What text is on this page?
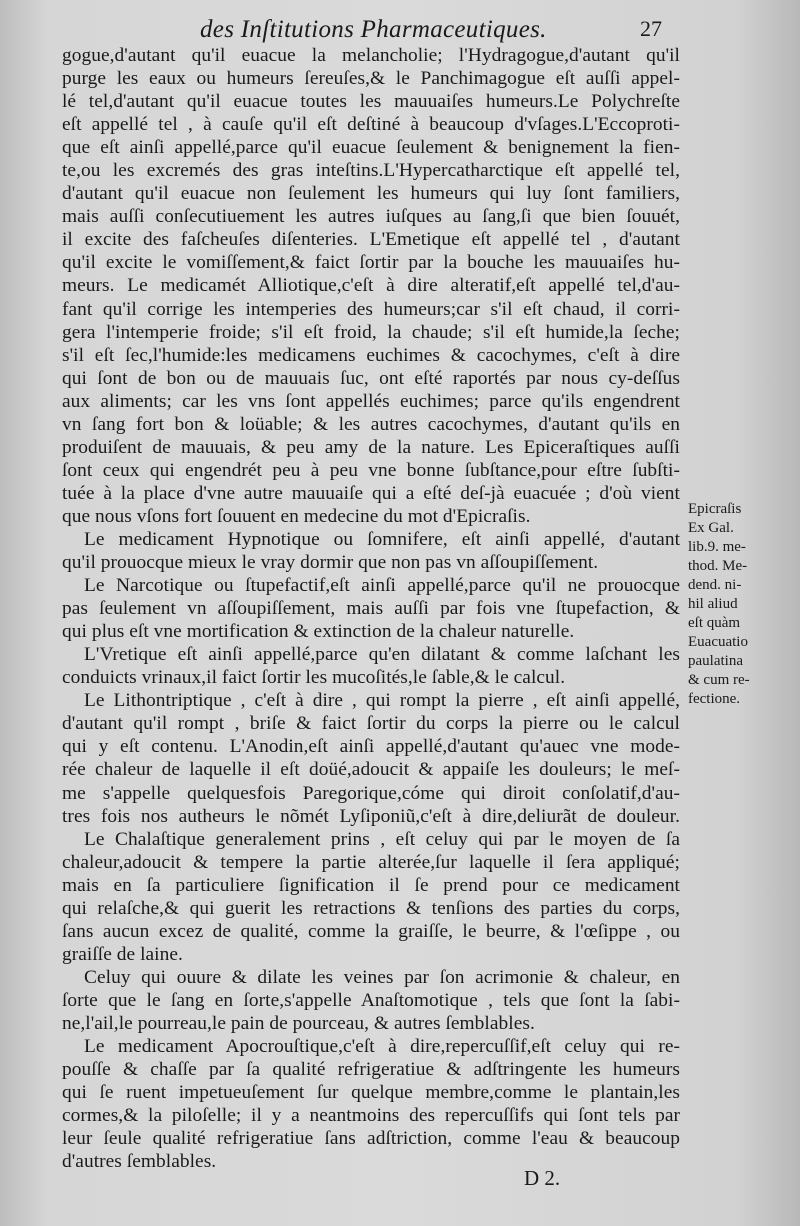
des Inſtitutions Pharmaceutiques.	27
gogue,d'autant qu'il euacue la melancholie; l'Hydragogue,d'autant qu'il
purge les eaux ou humeurs ſereuſes,& le Panchimagogue eſt auſſi appel-
lé tel,d'autant qu'il euacue toutes les mauuaiſes humeurs.Le Polychreſte
eſt appellé tel , à cauſe qu'il eſt deſtiné à beaucoup d'vſages.L'Eccoproti-
que eſt ainſi appellé,parce qu'il euacue ſeulement & benignement la fien-
te,ou les excremés des gras inteſtins.L'Hypercatharctique eſt appellé tel,
d'autant qu'il euacue non ſeulement les humeurs qui luy ſont familiers,
mais auſſi conſecutiuement les autres iuſques au ſang,ſi que bien ſouuét,
il excite des faſcheuſes diſenteries. L'Emetique eſt appellé tel , d'autant
qu'il excite le vomiſſement,& faict ſortir par la bouche les mauuaiſes hu-
meurs. Le medicamét Alliotique,c'eſt à dire alteratif,eſt appellé tel,d'au-
fant qu'il corrige les intemperies des humeurs;car s'il eſt chaud, il corri-
gera l'intemperie froide; s'il eſt froid, la chaude; s'il eſt humide,la ſeche;
s'il eſt ſec,l'humide:les medicamens euchimes & cacochymes, c'eſt à dire
qui ſont de bon ou de mauuais ſuc, ont eſté raportés par nous cy-deſſus
aux aliments; car les vns ſont appellés euchimes; parce qu'ils engendrent
vn ſang fort bon & loüable; & les autres cacochymes, d'autant qu'ils en
produiſent de mauuais, & peu amy de la nature. Les Epiceraſtiques auſſi
ſont ceux qui engendrét peu à peu vne bonne ſubſtance,pour eſtre ſubſti-
tuée à la place d'vne autre mauuaiſe qui a eſté deſ-jà euacuée ; d'où vient
que nous vſons fort ſouuent en medecine du mot d'Epicraſis.
Le medicament Hypnotique ou ſomnifere, eſt ainſi appellé, d'autant
qu'il prouocque mieux le vray dormir que non pas vn aſſoupiſſement.
Le Narcotique ou ſtupefactif,eſt ainſi appellé,parce qu'il ne prouocque
pas ſeulement vn aſſoupiſſement, mais auſſi par fois vne ſtupefaction, &
qui plus eſt vne mortification & extinction de la chaleur naturelle.
L'Vretique eſt ainſi appellé,parce qu'en dilatant & comme laſchant les
conduicts vrinaux,il faict ſortir les mucoſités,le ſable,& le calcul.
Le Lithontriptique , c'eſt à dire , qui rompt la pierre , eſt ainſi appellé,
d'autant qu'il rompt , briſe & faict ſortir du corps la pierre ou le calcul
qui y eſt contenu. L'Anodin,eſt ainſi appellé,d'autant qu'auec vne mode-
rée chaleur de laquelle il eſt doüé,adoucit & appaiſe les douleurs; le meſ-
me s'appelle quelquesfois Paregorique,cóme qui diroit conſolatif,d'au-
tres fois nos autheurs le nõmét Lyſiponiũ,c'eſt à dire,deliurãt de douleur.
Le Chalaſtique generalement prins , eſt celuy qui par le moyen de ſa
chaleur,adoucit & tempere la partie alterée,ſur laquelle il ſera appliqué;
mais en ſa particuliere ſignification il ſe prend pour ce medicament
qui relaſche,& qui guerit les retractions & tenſions des parties du corps,
ſans aucun excez de qualité, comme la graiſſe, le beurre, & l'œſippe , ou
graiſſe de laine.
Celuy qui ouure & dilate les veines par ſon acrimonie & chaleur, en
ſorte que le ſang en ſorte,s'appelle Anaſtomotique , tels que ſont la ſabi-
ne,l'ail,le pourreau,le pain de pourceau, & autres ſemblables.
Le medicament Apocrouſtique,c'eſt à dire,repercuſſif,eſt celuy qui re-
pouſſe & chaſſe par ſa qualité refrigeratiue & adſtringente les humeurs
qui ſe ruent impetueuſement ſur quelque membre,comme le plantain,les
cormes,& la piloſelle; il y a neantmoins des repercuſſifs qui ſont tels par
leur ſeule qualité refrigeratiue ſans adſtriction, comme l'eau & beaucoup
d'autres ſemblables.
Epicraſis
Ex Gal.
lib.9. me-
thod. Me-
dend. ni-
hil aliud
eſt quàm
Euacuatio
paulatina
& cum re-
fectione.
D 2.
